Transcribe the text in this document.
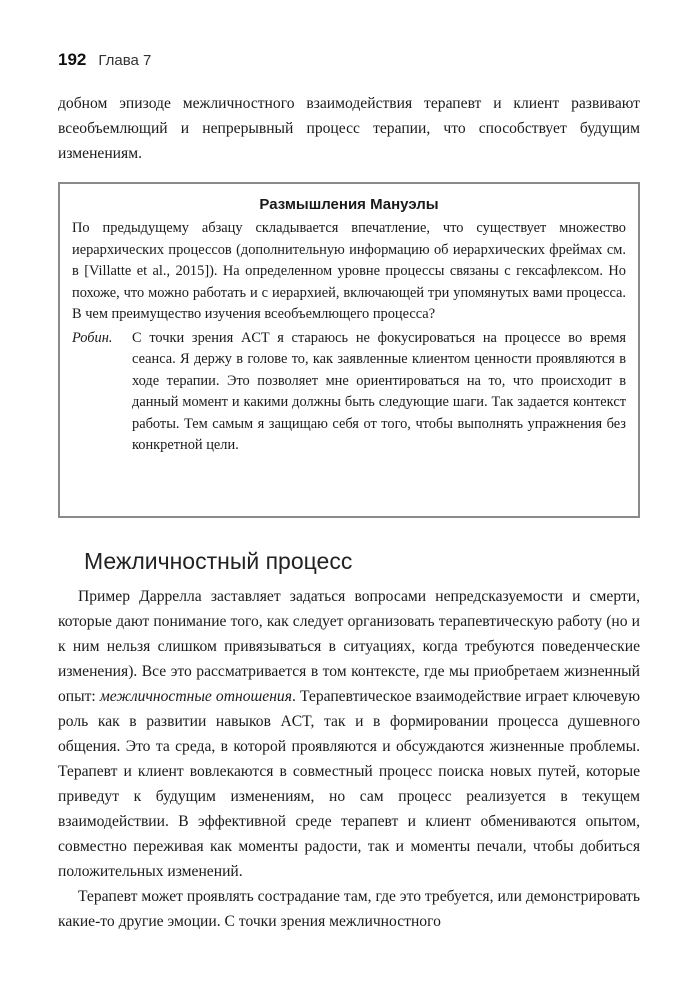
192 Глава 7

добном эпизоде межличностного взаимодействия терапевт и клиент развивают всеобъемлющий и непрерывный процесс терапии, что способствует будущим изменениям.

Размышления Мануэлы

По предыдущему абзацу складывается впечатление, что существует множество иерархических процессов (дополнительную информацию об иерархических фреймах см. в [Villatte et al., 2015]). На определенном уровне процессы связаны с гексафлексом. Но похоже, что можно работать и с иерархией, включающей три упомянутых вами процесса. В чем преимущество изучения всеобъемлющего процесса?

Робин.	С точки зрения ACT я стараюсь не фокусироваться на процессе во время сеанса. Я держу в голове то, как заявленные клиентом ценности проявляются в ходе терапии. Это позволяет мне ориентироваться на то, что происходит в данный момент и какими должны быть следующие шаги. Так задается контекст работы. Тем самым я защищаю себя от того, чтобы выполнять упражнения без конкретной цели.

Межличностный процесс

Пример Даррелла заставляет задаться вопросами непредсказуемости и смерти, которые дают понимание того, как следует организовать терапевтическую работу (но и к ним нельзя слишком привязываться в ситуациях, когда требуются поведенческие изменения). Все это рассматривается в том контексте, где мы приобретаем жизненный опыт: межличностные отношения. Терапевтическое взаимодействие играет ключевую роль как в развитии навыков ACT, так и в формировании процесса душевного общения. Это та среда, в которой проявляются и обсуждаются жизненные проблемы. Терапевт и клиент вовлекаются в совместный процесс поиска новых путей, которые приведут к будущим изменениям, но сам процесс реализуется в текущем взаимодействии. В эффективной среде терапевт и клиент обмениваются опытом, совместно переживая как моменты радости, так и моменты печали, чтобы добиться положительных изменений.

Терапевт может проявлять сострадание там, где это требуется, или демонстрировать какие-то другие эмоции. С точки зрения межличностного
